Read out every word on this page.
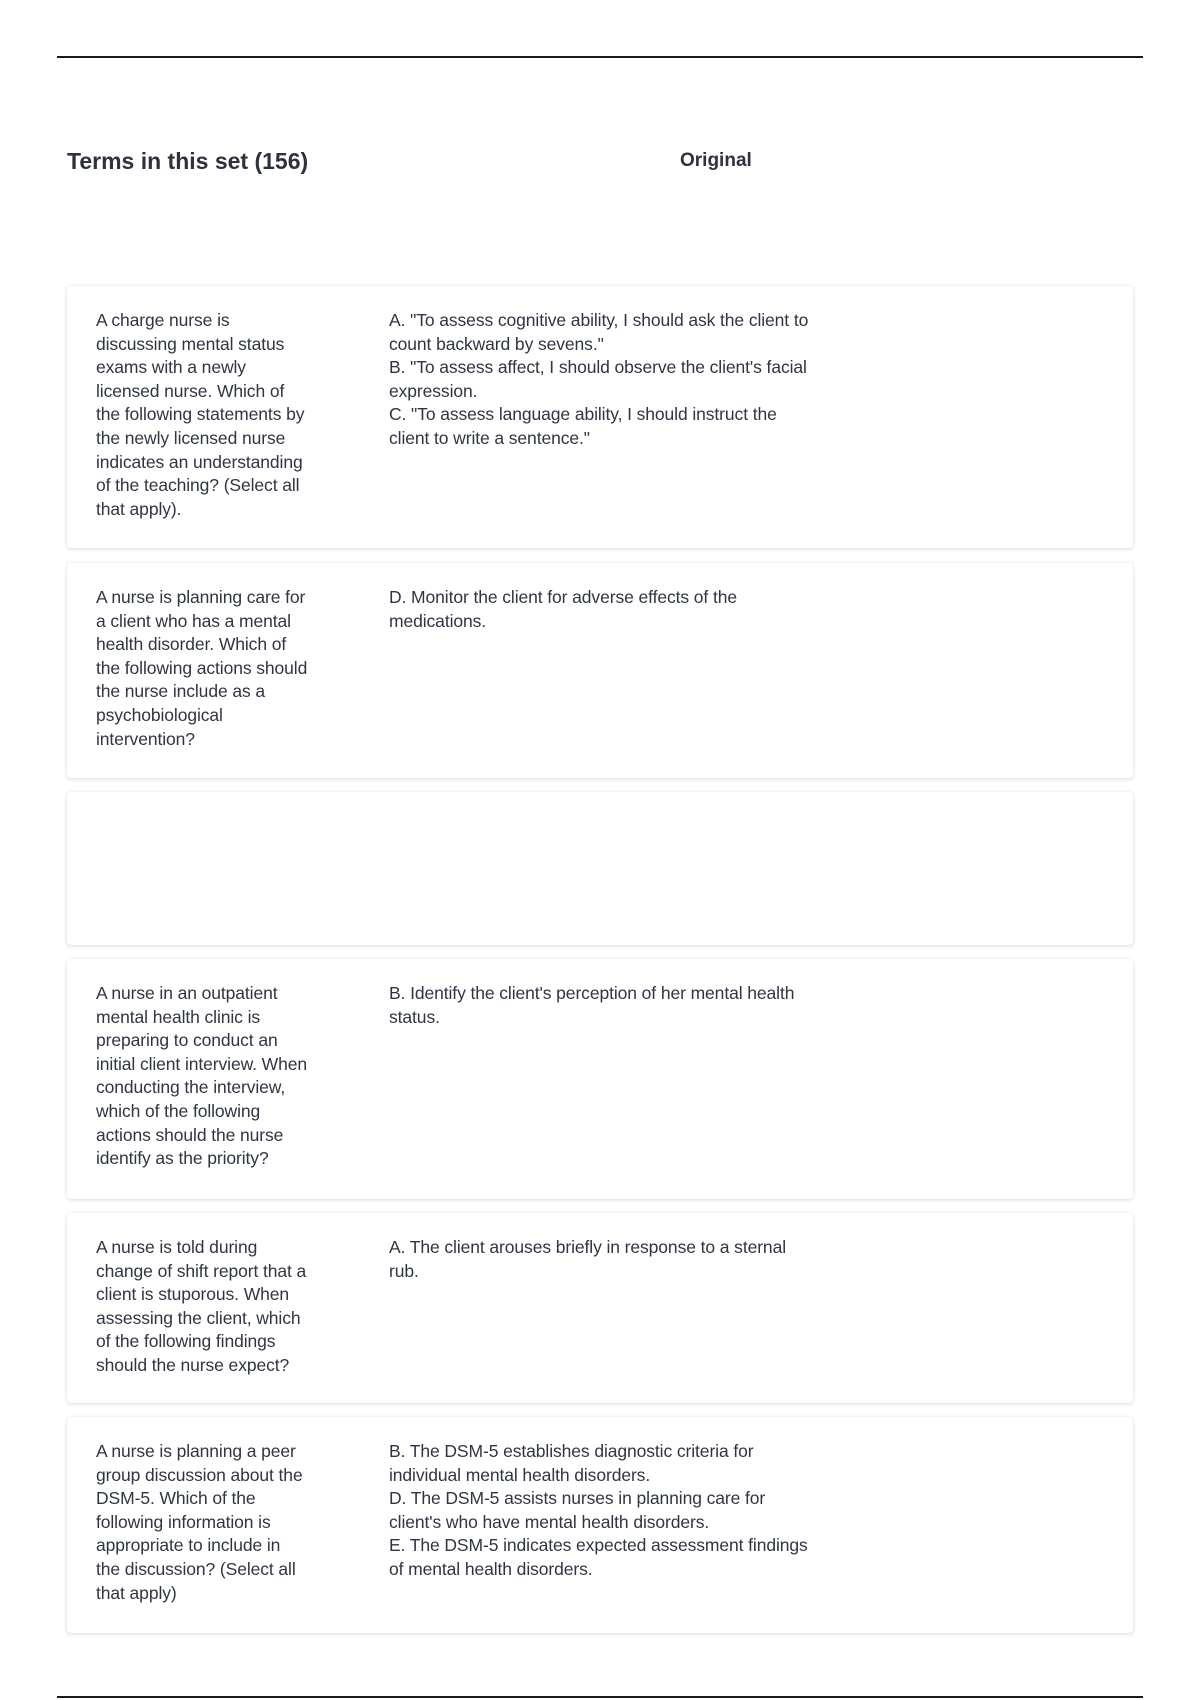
Terms in this set (156)	Original
A charge nurse is
discussing mental status
exams with a newly
licensed nurse. Which of
the following statements by
the newly licensed nurse
indicates an understanding
of the teaching? (Select all
that apply).
A. "To assess cognitive ability, I should ask the client to
count backward by sevens."
B. "To assess affect, I should observe the client's facial
expression.
C. "To assess language ability, I should instruct the
client to write a sentence."
A nurse is planning care for
a client who has a mental
health disorder. Which of
the following actions should
the nurse include as a
psychobiological
intervention?
D. Monitor the client for adverse effects of the
medications.
A nurse in an outpatient
mental health clinic is
preparing to conduct an
initial client interview. When
conducting the interview,
which of the following
actions should the nurse
identify as the priority?
B. Identify the client's perception of her mental health
status.
A nurse is told during
change of shift report that a
client is stuporous. When
assessing the client, which
of the following findings
should the nurse expect?
A. The client arouses briefly in response to a sternal
rub.
A nurse is planning a peer
group discussion about the
DSM-5. Which of the
following information is
appropriate to include in
the discussion? (Select all
that apply)
B. The DSM-5 establishes diagnostic criteria for
individual mental health disorders.
D. The DSM-5 assists nurses in planning care for
client's who have mental health disorders.
E. The DSM-5 indicates expected assessment findings
of mental health disorders.
